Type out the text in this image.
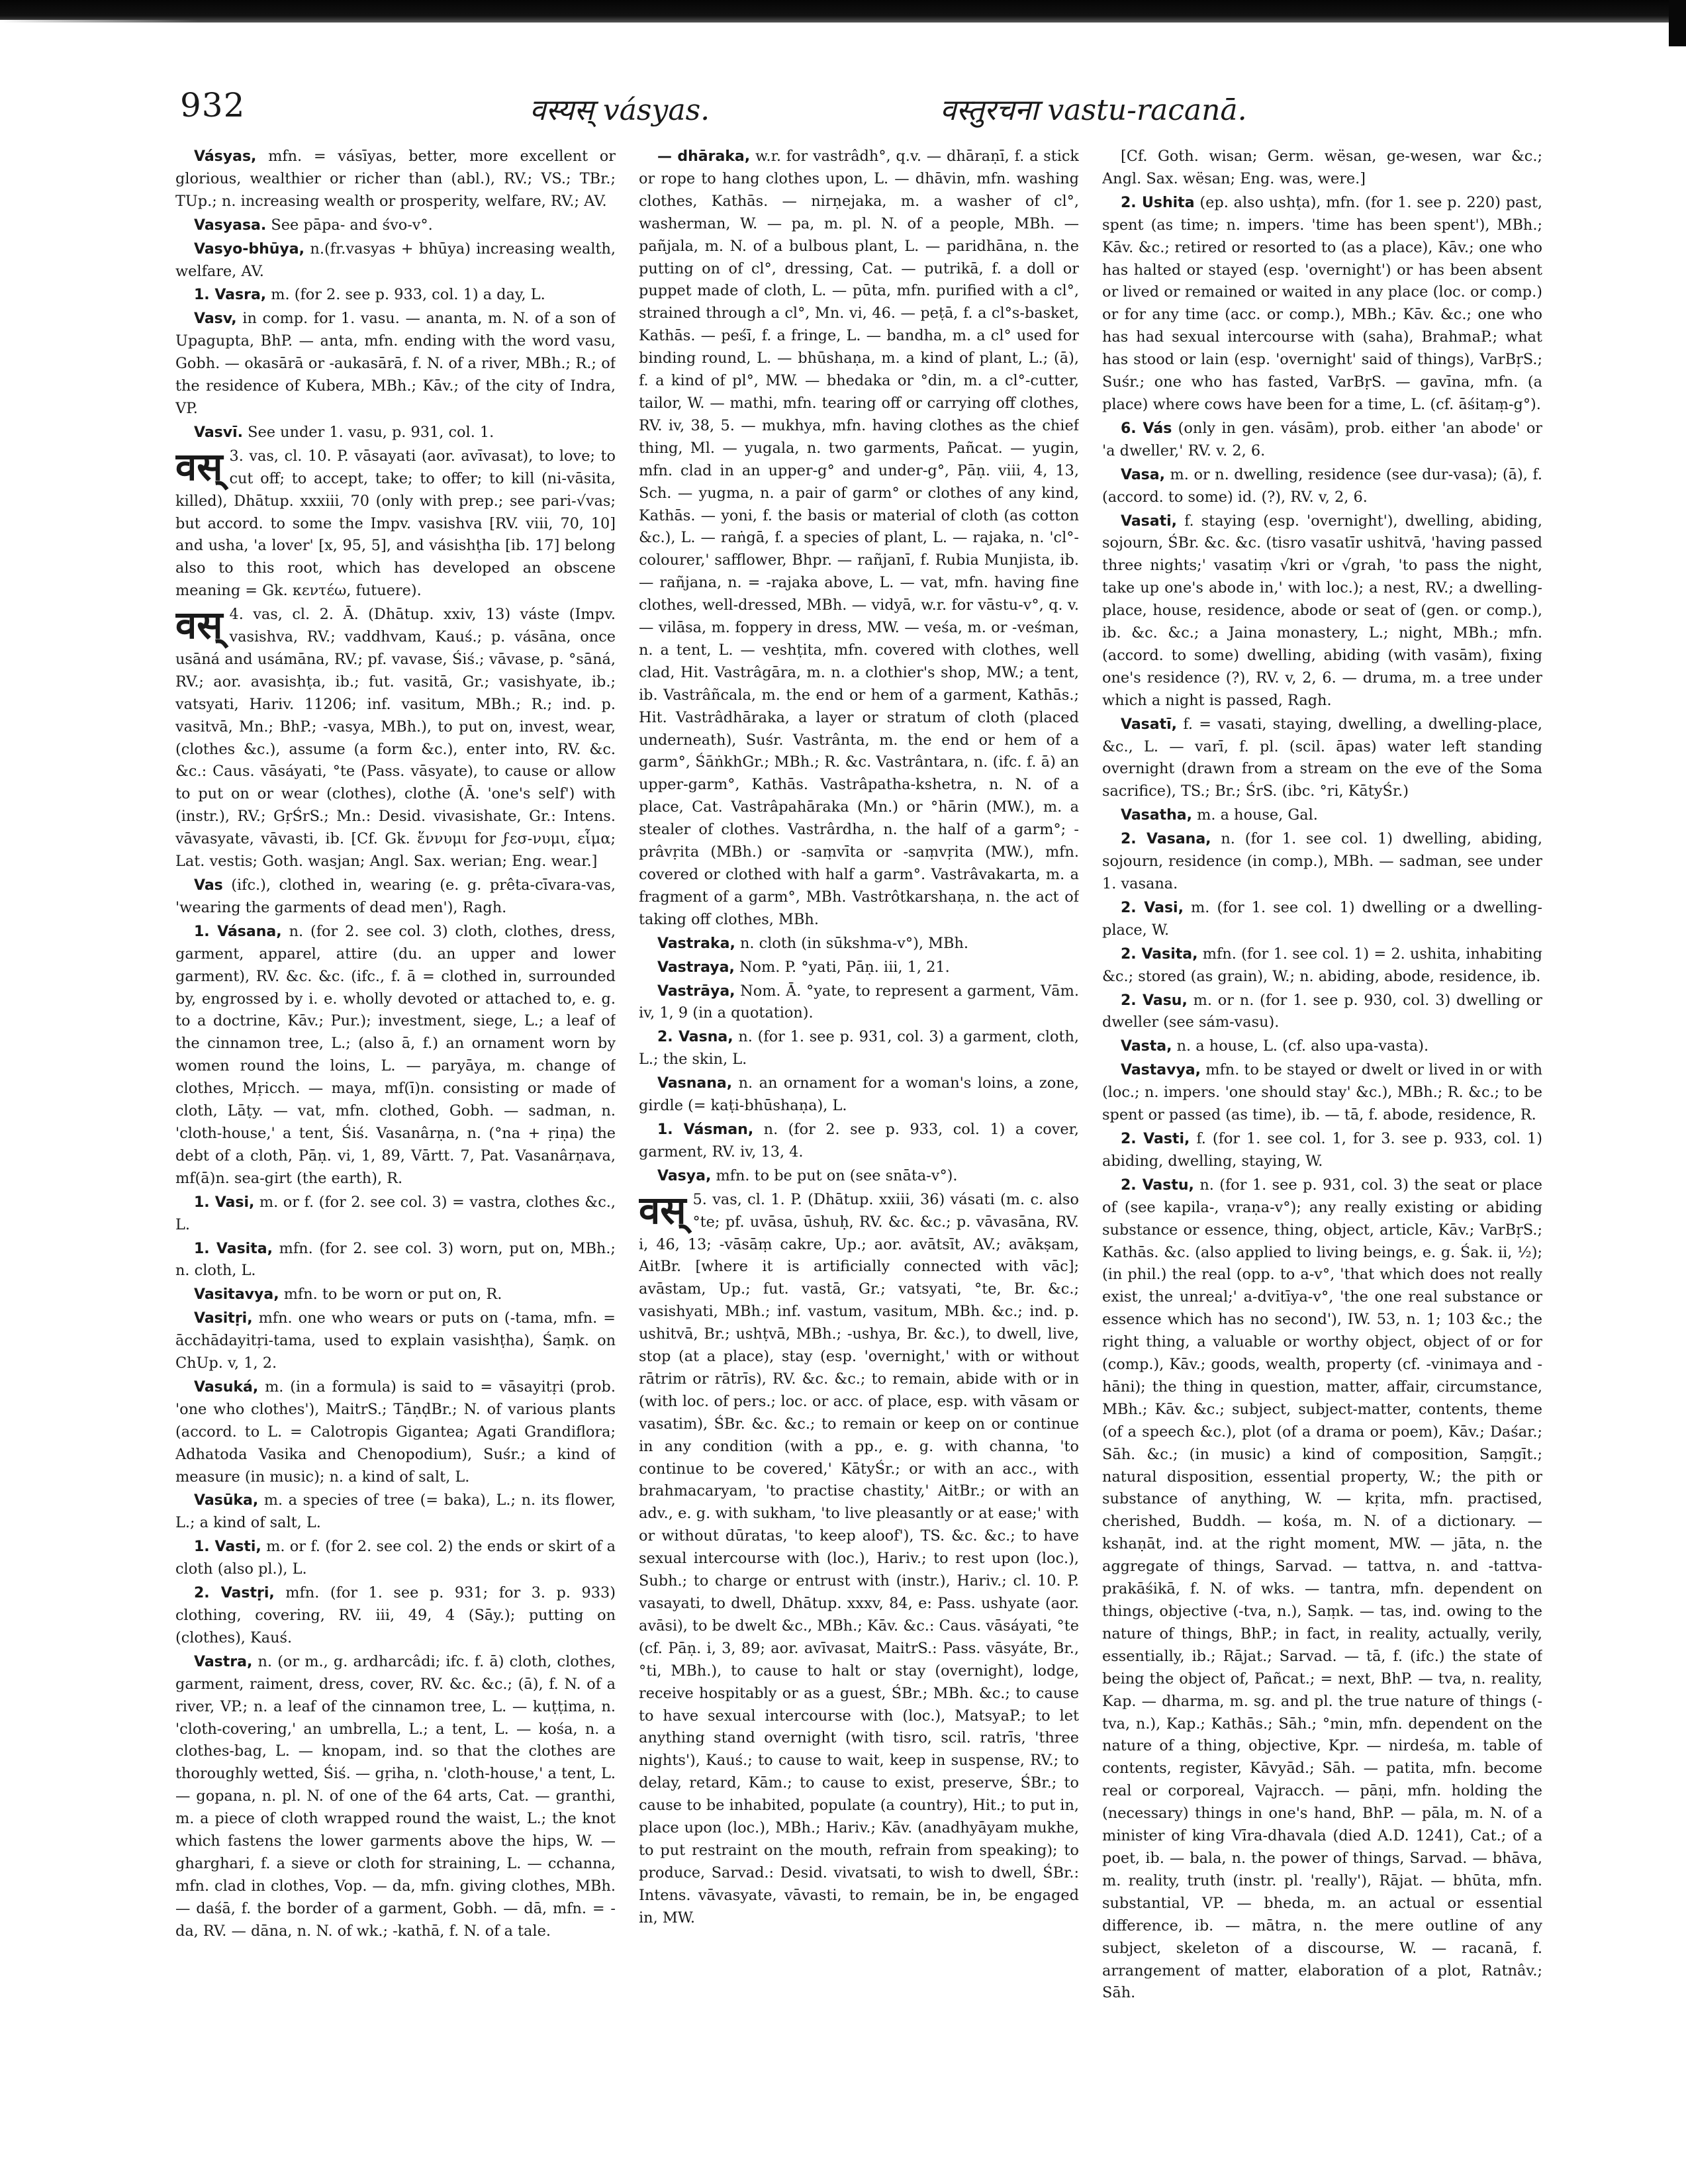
932	वस्यस् vásyas.	वस्तुरचना vastu-racanā.

Vásyas, mfn. = vásīyas, better, more excellent or glorious, wealthier or richer than (abl.), RV.; VS.; TBr.; TUp.; n. increasing wealth or prosperity, welfare, RV.; AV.

Vasyasa. See pāpa- and śvo-v°.

Vasyo-bhūya, n.(fr.vasyas + bhūya) increasing wealth, welfare, AV.

1. Vasra, m. (for 2. see p. 933, col. 1) a day, L.

Vasv, in comp. for 1. vasu. — ananta, m. N. of a son of Upagupta, BhP. — anta, mfn. ending with the word vasu, Gobh. — okasārā or -aukasārā, f. N. of a river, MBh.; R.; of the residence of Kubera, MBh.; Kāv.; of the city of Indra, VP.

Vasvī. See under 1. vasu, p. 931, col. 1.

वस् 3. vas, cl. 10. P. vāsayati (aor. avīvasat), to love; to cut off; to accept, take; to offer; to kill (ni-vāsita, killed), Dhātup. xxxiii, 70 (only with prep.; see pari-√vas; but accord. to some the Impv. vasishva [RV. viii, 70, 10] and usha, 'a lover' [x, 95, 5], and vásishṭha [ib. 17] belong also to this root, which has developed an obscene meaning = Gk. κεντέω, futuere).

वस् 4. vas, cl. 2. Ā. (Dhātup. xxiv, 13) váste (Impv. vasishva, RV.; vaddhvam, Kauś.; p. vásāna, once usāná and usámāna, RV.; pf. vavase, Śiś.; vāvase, p. °sāná, RV.; aor. avasishṭa, ib.; fut. vasitā, Gr.; vasishyate, ib.; vatsyati, Hariv. 11206; inf. vasitum, MBh.; R.; ind. p. vasitvā, Mn.; BhP.; -vasya, MBh.), to put on, invest, wear, (clothes &c.), assume (a form &c.), enter into, RV. &c. &c.: Caus. vāsáyati, °te (Pass. vāsyate), to cause or allow to put on or wear (clothes), clothe (Ā. 'one's self') with (instr.), RV.; GṛŚrS.; Mn.: Desid. vivasishate, Gr.: Intens. vāvasyate, vāvasti, ib. [Cf. Gk. ἕννυμι for ϝεσ-νυμι, εἷμα; Lat. vestis; Goth. wasjan; Angl. Sax. werian; Eng. wear.]

Vas (ifc.), clothed in, wearing (e. g. prêta-cīvara-vas, 'wearing the garments of dead men'), Ragh.

1. Vásana, n. (for 2. see col. 3) cloth, clothes, dress, garment, apparel, attire (du. an upper and lower garment), RV. &c. &c. (ifc., f. ā = clothed in, surrounded by, engrossed by i. e. wholly devoted or attached to, e. g. to a doctrine, Kāv.; Pur.); investment, siege, L.; a leaf of the cinnamon tree, L.; (also ā, f.) an ornament worn by women round the loins, L. — paryāya, m. change of clothes, Mṛicch. — maya, mf(ī)n. consisting or made of cloth, Lāṭy. — vat, mfn. clothed, Gobh. — sadman, n. 'cloth-house,' a tent, Śiś. Vasanârṇa, n. (°na + ṛiṇa) the debt of a cloth, Pāṇ. vi, 1, 89, Vārtt. 7, Pat. Vasanârṇava, mf(ā)n. sea-girt (the earth), R.

1. Vasi, m. or f. (for 2. see col. 3) = vastra, clothes &c., L.

1. Vasita, mfn. (for 2. see col. 3) worn, put on, MBh.; n. cloth, L.

Vasitavya, mfn. to be worn or put on, R.

Vasitṛi, mfn. one who wears or puts on (-tama, mfn. = ācchādayitṛi-tama, used to explain vasishṭha), Śaṃk. on ChUp. v, 1, 2.

Vasuká, m. (in a formula) is said to = vāsayitṛi (prob. 'one who clothes'), MaitrS.; TāṇḍBr.; N. of various plants (accord. to L. = Calotropis Gigantea; Agati Grandiflora; Adhatoda Vasika and Chenopodium), Suśr.; a kind of measure (in music); n. a kind of salt, L.

Vasūka, m. a species of tree (= baka), L.; n. its flower, L.; a kind of salt, L.

1. Vasti, m. or f. (for 2. see col. 2) the ends or skirt of a cloth (also pl.), L.

2. Vastṛi, mfn. (for 1. see p. 931; for 3. p. 933) clothing, covering, RV. iii, 49, 4 (Sāy.); putting on (clothes), Kauś.

Vastra, n. (or m., g. ardharcâdi; ifc. f. ā) cloth, clothes, garment, raiment, dress, cover, RV. &c. &c.; (ā), f. N. of a river, VP.; n. a leaf of the cinnamon tree, L. — kuṭṭima, n. 'cloth-covering,' an umbrella, L.; a tent, L. — kośa, n. a clothes-bag, L. — knopam, ind. so that the clothes are thoroughly wetted, Śiś. — gṛiha, n. 'cloth-house,' a tent, L. — gopana, n. pl. N. of one of the 64 arts, Cat. — granthi, m. a piece of cloth wrapped round the waist, L.; the knot which fastens the lower garments above the hips, W. — gharghari, f. a sieve or cloth for straining, L. — cchanna, mfn. clad in clothes, Vop. — da, mfn. giving clothes, MBh. — daśā, f. the border of a garment, Gobh. — dā, mfn. = -da, RV. — dāna, n. N. of wk.; -kathā, f. N. of a tale.

— dhāraka, w.r. for vastrâdh°, q.v. — dhāraṇī, f. a stick or rope to hang clothes upon, L. — dhāvin, mfn. washing clothes, Kathās. — nirṇejaka, m. a washer of cl°, washerman, W. — pa, m. pl. N. of a people, MBh. — pañjala, m. N. of a bulbous plant, L. — paridhāna, n. the putting on of cl°, dressing, Cat. — putrikā, f. a doll or puppet made of cloth, L. — pūta, mfn. purified with a cl°, strained through a cl°, Mn. vi, 46. — peṭā, f. a cl°s-basket, Kathās. — peśī, f. a fringe, L. — bandha, m. a cl° used for binding round, L. — bhūshaṇa, m. a kind of plant, L.; (ā), f. a kind of pl°, MW. — bhedaka or °din, m. a cl°-cutter, tailor, W. — mathi, mfn. tearing off or carrying off clothes, RV. iv, 38, 5. — mukhya, mfn. having clothes as the chief thing, Ml. — yugala, n. two garments, Pañcat. — yugin, mfn. clad in an upper-g° and under-g°, Pāṇ. viii, 4, 13, Sch. — yugma, n. a pair of garm° or clothes of any kind, Kathās. — yoni, f. the basis or material of cloth (as cotton &c.), L. — raṅgā, f. a species of plant, L. — rajaka, n. 'cl°-colourer,' safflower, Bhpr. — rañjanī, f. Rubia Munjista, ib. — rañjana, n. = -rajaka above, L. — vat, mfn. having fine clothes, well-dressed, MBh. — vidyā, w.r. for vāstu-v°, q. v. — vilāsa, m. foppery in dress, MW. — veśa, m. or -veśman, n. a tent, L. — veshṭita, mfn. covered with clothes, well clad, Hit. Vastrâgāra, m. n. a clothier's shop, MW.; a tent, ib. Vastrâñcala, m. the end or hem of a garment, Kathās.; Hit. Vastrâdhāraka, a layer or stratum of cloth (placed underneath), Suśr. Vastrânta, m. the end or hem of a garm°, ŚāṅkhGr.; MBh.; R. &c. Vastrântara, n. (ifc. f. ā) an upper-garm°, Kathās. Vastrâpatha-kshetra, n. N. of a place, Cat. Vastrâpahāraka (Mn.) or °hārin (MW.), m. a stealer of clothes. Vastrârdha, n. the half of a garm°; -prâvṛita (MBh.) or -saṃvīta or -saṃvṛita (MW.), mfn. covered or clothed with half a garm°. Vastrâvakarta, m. a fragment of a garm°, MBh. Vastrôtkarshaṇa, n. the act of taking off clothes, MBh.

Vastraka, n. cloth (in sūkshma-v°), MBh.

Vastraya, Nom. P. °yati, Pāṇ. iii, 1, 21.

Vastrāya, Nom. Ā. °yate, to represent a garment, Vām. iv, 1, 9 (in a quotation).

2. Vasna, n. (for 1. see p. 931, col. 3) a garment, cloth, L.; the skin, L.

Vasnana, n. an ornament for a woman's loins, a zone, girdle (= kaṭi-bhūshaṇa), L.

1. Vásman, n. (for 2. see p. 933, col. 1) a cover, garment, RV. iv, 13, 4.

Vasya, mfn. to be put on (see snāta-v°).

वस् 5. vas, cl. 1. P. (Dhātup. xxiii, 36) vásati (m. c. also °te; pf. uvāsa, ūshuḥ, RV. &c. &c.; p. vāvasāna, RV. i, 46, 13; -vāsāṃ cakre, Up.; aor. avātsīt, AV.; avākṣam, AitBr. [where it is artificially connected with vāc]; avāstam, Up.; fut. vastā, Gr.; vatsyati, °te, Br. &c.; vasishyati, MBh.; inf. vastum, vasitum, MBh. &c.; ind. p. ushitvā, Br.; ushṭvā, MBh.; -ushya, Br. &c.), to dwell, live, stop (at a place), stay (esp. 'overnight,' with or without rātrim or rātrīs), RV. &c. &c.; to remain, abide with or in (with loc. of pers.; loc. or acc. of place, esp. with vāsam or vasatim), ŚBr. &c. &c.; to remain or keep on or continue in any condition (with a pp., e. g. with channa, 'to continue to be covered,' KātyŚr.; or with an acc., with brahmacaryam, 'to practise chastity,' AitBr.; or with an adv., e. g. with sukham, 'to live pleasantly or at ease;' with or without dūratas, 'to keep aloof'), TS. &c. &c.; to have sexual intercourse with (loc.), Hariv.; to rest upon (loc.), Subh.; to charge or entrust with (instr.), Hariv.; cl. 10. P. vasayati, to dwell, Dhātup. xxxv, 84, e: Pass. ushyate (aor. avāsi), to be dwelt &c., MBh.; Kāv. &c.: Caus. vāsáyati, °te (cf. Pāṇ. i, 3, 89; aor. avīvasat, MaitrS.: Pass. vāsyáte, Br., °ti, MBh.), to cause to halt or stay (overnight), lodge, receive hospitably or as a guest, ŚBr.; MBh. &c.; to cause to have sexual intercourse with (loc.), MatsyaP.; to let anything stand overnight (with tisro, scil. ratrīs, 'three nights'), Kauś.; to cause to wait, keep in suspense, RV.; to delay, retard, Kām.; to cause to exist, preserve, ŚBr.; to cause to be inhabited, populate (a country), Hit.; to put in, place upon (loc.), MBh.; Hariv.; Kāv. (anadhyāyam mukhe, to put restraint on the mouth, refrain from speaking); to produce, Sarvad.: Desid. vivatsati, to wish to dwell, ŚBr.: Intens. vāvasyate, vāvasti, to remain, be in, be engaged in, MW.

[Cf. Goth. wisan; Germ. wësan, ge-wesen, war &c.; Angl. Sax. wësan; Eng. was, were.]

2. Ushita (ep. also ushṭa), mfn. (for 1. see p. 220) past, spent (as time; n. impers. 'time has been spent'), MBh.; Kāv. &c.; retired or resorted to (as a place), Kāv.; one who has halted or stayed (esp. 'overnight') or has been absent or lived or remained or waited in any place (loc. or comp.) or for any time (acc. or comp.), MBh.; Kāv. &c.; one who has had sexual intercourse with (saha), BrahmaP.; what has stood or lain (esp. 'overnight' said of things), VarBṛS.; Suśr.; one who has fasted, VarBṛS. — gavīna, mfn. (a place) where cows have been for a time, L. (cf. āśitaṃ-g°).

6. Vás (only in gen. vásām), prob. either 'an abode' or 'a dweller,' RV. v. 2, 6.

Vasa, m. or n. dwelling, residence (see dur-vasa); (ā), f. (accord. to some) id. (?), RV. v, 2, 6.

Vasati, f. staying (esp. 'overnight'), dwelling, abiding, sojourn, ŚBr. &c. &c. (tisro vasatīr ushitvā, 'having passed three nights;' vasatiṃ √kri or √grah, 'to pass the night, take up one's abode in,' with loc.); a nest, RV.; a dwelling-place, house, residence, abode or seat of (gen. or comp.), ib. &c. &c.; a Jaina monastery, L.; night, MBh.; mfn. (accord. to some) dwelling, abiding (with vasām), fixing one's residence (?), RV. v, 2, 6. — druma, m. a tree under which a night is passed, Ragh.

Vasatī, f. = vasati, staying, dwelling, a dwelling-place, &c., L. — varī, f. pl. (scil. āpas) water left standing overnight (drawn from a stream on the eve of the Soma sacrifice), TS.; Br.; ŚrS. (ibc. °ri, KātyŚr.)

Vasatha, m. a house, Gal.

2. Vasana, n. (for 1. see col. 1) dwelling, abiding, sojourn, residence (in comp.), MBh. — sadman, see under 1. vasana.

2. Vasi, m. (for 1. see col. 1) dwelling or a dwelling-place, W.

2. Vasita, mfn. (for 1. see col. 1) = 2. ushita, inhabiting &c.; stored (as grain), W.; n. abiding, abode, residence, ib.

2. Vasu, m. or n. (for 1. see p. 930, col. 3) dwelling or dweller (see sám-vasu).

Vasta, n. a house, L. (cf. also upa-vasta).

Vastavya, mfn. to be stayed or dwelt or lived in or with (loc.; n. impers. 'one should stay' &c.), MBh.; R. &c.; to be spent or passed (as time), ib. — tā, f. abode, residence, R.

2. Vasti, f. (for 1. see col. 1, for 3. see p. 933, col. 1) abiding, dwelling, staying, W.

2. Vastu, n. (for 1. see p. 931, col. 3) the seat or place of (see kapila-, vraṇa-v°); any really existing or abiding substance or essence, thing, object, article, Kāv.; VarBṛS.; Kathās. &c. (also applied to living beings, e. g. Śak. ii, ½); (in phil.) the real (opp. to a-v°, 'that which does not really exist, the unreal;' a-dvitīya-v°, 'the one real substance or essence which has no second'), IW. 53, n. 1; 103 &c.; the right thing, a valuable or worthy object, object of or for (comp.), Kāv.; goods, wealth, property (cf. -vinimaya and -hāni); the thing in question, matter, affair, circumstance, MBh.; Kāv. &c.; subject, subject-matter, contents, theme (of a speech &c.), plot (of a drama or poem), Kāv.; Daśar.; Sāh. &c.; (in music) a kind of composition, Saṃgīt.; natural disposition, essential property, W.; the pith or substance of anything, W. — kṛita, mfn. practised, cherished, Buddh. — kośa, m. N. of a dictionary. — kshaṇāt, ind. at the right moment, MW. — jāta, n. the aggregate of things, Sarvad. — tattva, n. and -tattva-prakāśikā, f. N. of wks. — tantra, mfn. dependent on things, objective (-tva, n.), Saṃk. — tas, ind. owing to the nature of things, BhP.; in fact, in reality, actually, verily, essentially, ib.; Rājat.; Sarvad. — tā, f. (ifc.) the state of being the object of, Pañcat.; = next, BhP. — tva, n. reality, Kap. — dharma, m. sg. and pl. the true nature of things (-tva, n.), Kap.; Kathās.; Sāh.; °min, mfn. dependent on the nature of a thing, objective, Kpr. — nirdeśa, m. table of contents, register, Kāvyād.; Sāh. — patita, mfn. become real or corporeal, Vajracch. — pāṇi, mfn. holding the (necessary) things in one's hand, BhP. — pāla, m. N. of a minister of king Vīra-dhavala (died A.D. 1241), Cat.; of a poet, ib. — bala, n. the power of things, Sarvad. — bhāva, m. reality, truth (instr. pl. 'really'), Rājat. — bhūta, mfn. substantial, VP. — bheda, m. an actual or essential difference, ib. — mātra, n. the mere outline of any subject, skeleton of a discourse, W. — racanā, f. arrangement of matter, elaboration of a plot, Ratnâv.; Sāh.
